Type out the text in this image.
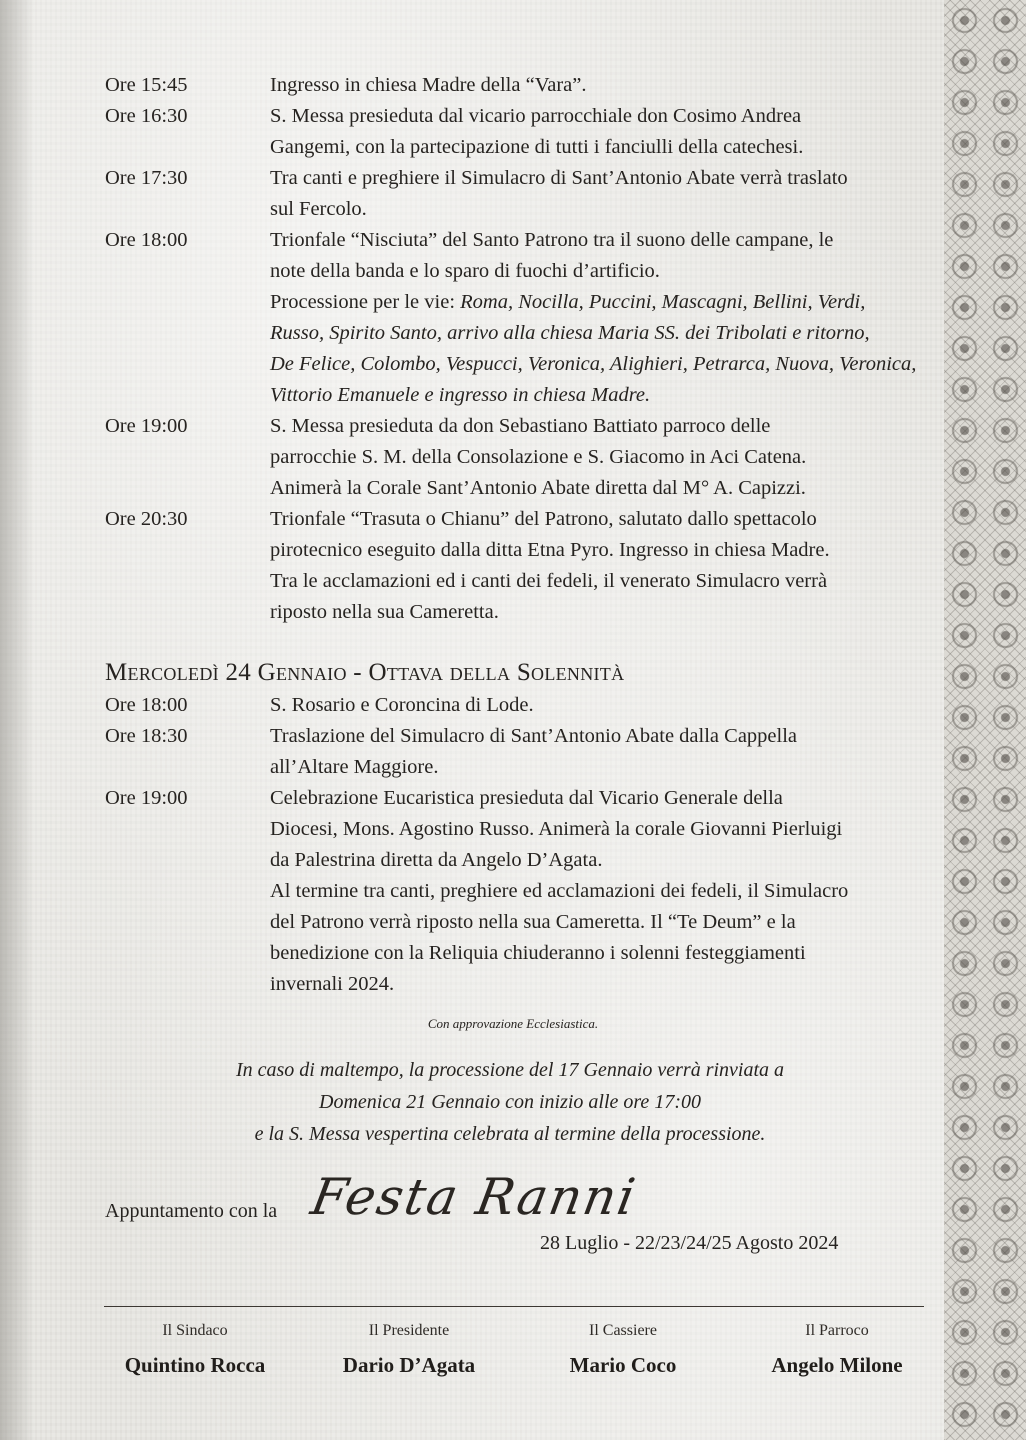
Ore 15:45	Ingresso in chiesa Madre della “Vara”.

Ore 16:30	S. Messa presieduta dal vicario parrocchiale don Cosimo Andrea

Gangemi, con la partecipazione di tutti i fanciulli della catechesi.

Ore 17:30	Tra canti e preghiere il Simulacro di Sant’Antonio Abate verrà traslato

sul Fercolo.

Ore 18:00	Trionfale “Nisciuta” del Santo Patrono tra il suono delle campane, le

note della banda e lo sparo di fuochi d’artificio.

Processione per le vie: Roma, Nocilla, Puccini, Mascagni, Bellini, Verdi,

Russo, Spirito Santo, arrivo alla chiesa Maria SS. dei Tribolati e ritorno,

De Felice, Colombo, Vespucci, Veronica, Alighieri, Petrarca, Nuova, Veronica,

Vittorio Emanuele e ingresso in chiesa Madre.

Ore 19:00	S. Messa presieduta da don Sebastiano Battiato parroco delle

parrocchie S. M. della Consolazione e S. Giacomo in Aci Catena.

Animerà la Corale Sant’Antonio Abate diretta dal M° A. Capizzi.

Ore 20:30	Trionfale “Trasuta o Chianu” del Patrono, salutato dallo spettacolo

pirotecnico eseguito dalla ditta Etna Pyro. Ingresso in chiesa Madre.

Tra le acclamazioni ed i canti dei fedeli, il venerato Simulacro verrà

riposto nella sua Cameretta.

Mercoledì 24 Gennaio - Ottava della Solennità
Ore 18:00	S. Rosario e Coroncina di Lode.

Ore 18:30	Traslazione del Simulacro di Sant’Antonio Abate dalla Cappella

all’Altare Maggiore.

Ore 19:00	Celebrazione Eucaristica presieduta dal Vicario Generale della

Diocesi, Mons. Agostino Russo. Animerà la corale Giovanni Pierluigi

da Palestrina diretta da Angelo D’Agata.

Al termine tra canti, preghiere ed acclamazioni dei fedeli, il Simulacro

del Patrono verrà riposto nella sua Cameretta. Il “Te Deum” e la

benedizione con la Reliquia chiuderanno i solenni festeggiamenti

invernali 2024.

Con approvazione Ecclesiastica.

In caso di maltempo, la processione del 17 Gennaio verrà rinviata a

Domenica 21 Gennaio con inizio alle ore 17:00

e la S. Messa vespertina celebrata al termine della processione.

Appuntamento con la Festa Ranni
28 Luglio - 22/23/24/25 Agosto 2024
Il Sindaco
Quintino Rocca
Il Presidente
Dario D’Agata
Il Cassiere
Mario Coco
Il Parroco
Angelo Milone
